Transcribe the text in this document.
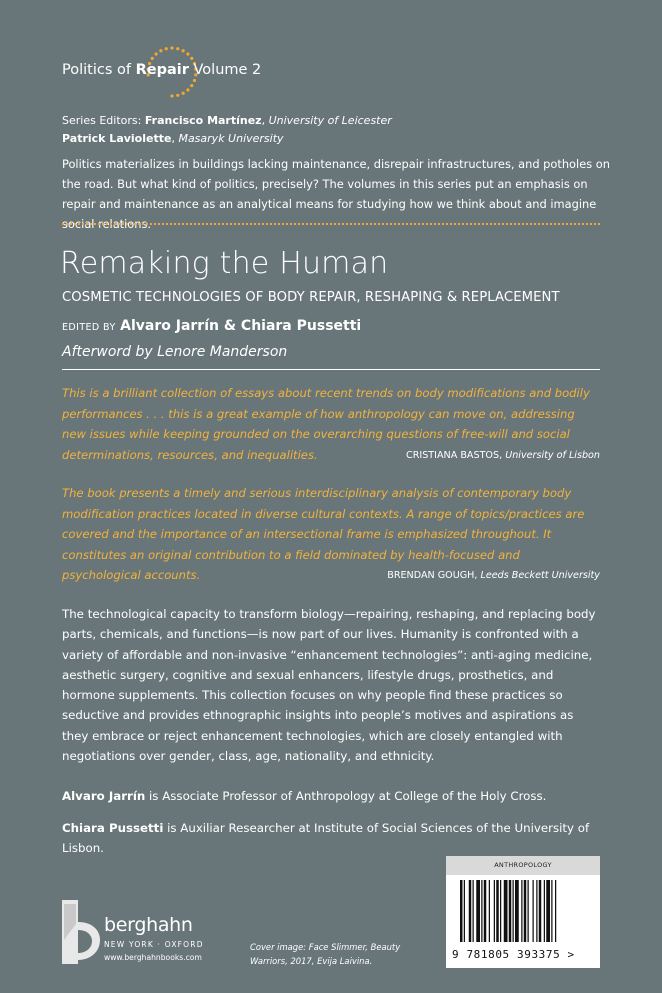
Politics of Repair Volume 2
Series Editors: Francisco Martínez, University of Leicester
Patrick Laviolette, Masaryk University
Politics materializes in buildings lacking maintenance, disrepair infrastructures, and potholes on the road. But what kind of politics, precisely? The volumes in this series put an emphasis on repair and maintenance as an analytical means for studying how we think about and imagine social relations.
Remaking the Human
COSMETIC TECHNOLOGIES OF BODY REPAIR, RESHAPING & REPLACEMENT
EDITED BY Alvaro Jarrín & Chiara Pussetti
Afterword by Lenore Manderson
This is a brilliant collection of essays about recent trends on body modifications and bodily performances . . . this is a great example of how anthropology can move on, addressing new issues while keeping grounded on the overarching questions of free-will and social determinations, resources, and inequalities.	CRISTIANA BASTOS, University of Lisbon
The book presents a timely and serious interdisciplinary analysis of contemporary body modification practices located in diverse cultural contexts. A range of topics/practices are covered and the importance of an intersectional frame is emphasized throughout. It constitutes an original contribution to a field dominated by health-focused and psychological accounts.	BRENDAN GOUGH, Leeds Beckett University
The technological capacity to transform biology—repairing, reshaping, and replacing body parts, chemicals, and functions—is now part of our lives. Humanity is confronted with a variety of affordable and non-invasive “enhancement technologies”: anti-aging medicine, aesthetic surgery, cognitive and sexual enhancers, lifestyle drugs, prosthetics, and hormone supplements. This collection focuses on why people find these practices so seductive and provides ethnographic insights into people’s motives and aspirations as they embrace or reject enhancement technologies, which are closely entangled with negotiations over gender, class, age, nationality, and ethnicity.
Alvaro Jarrín is Associate Professor of Anthropology at College of the Holy Cross.
Chiara Pussetti is Auxiliar Researcher at Institute of Social Sciences of the University of Lisbon.
berghahn
NEW YORK · OXFORD
www.berghahnbooks.com
Cover image: Face Slimmer, Beauty Warriors, 2017, Evija Laivina.
ANTHROPOLOGY
9 781805 393375 >
